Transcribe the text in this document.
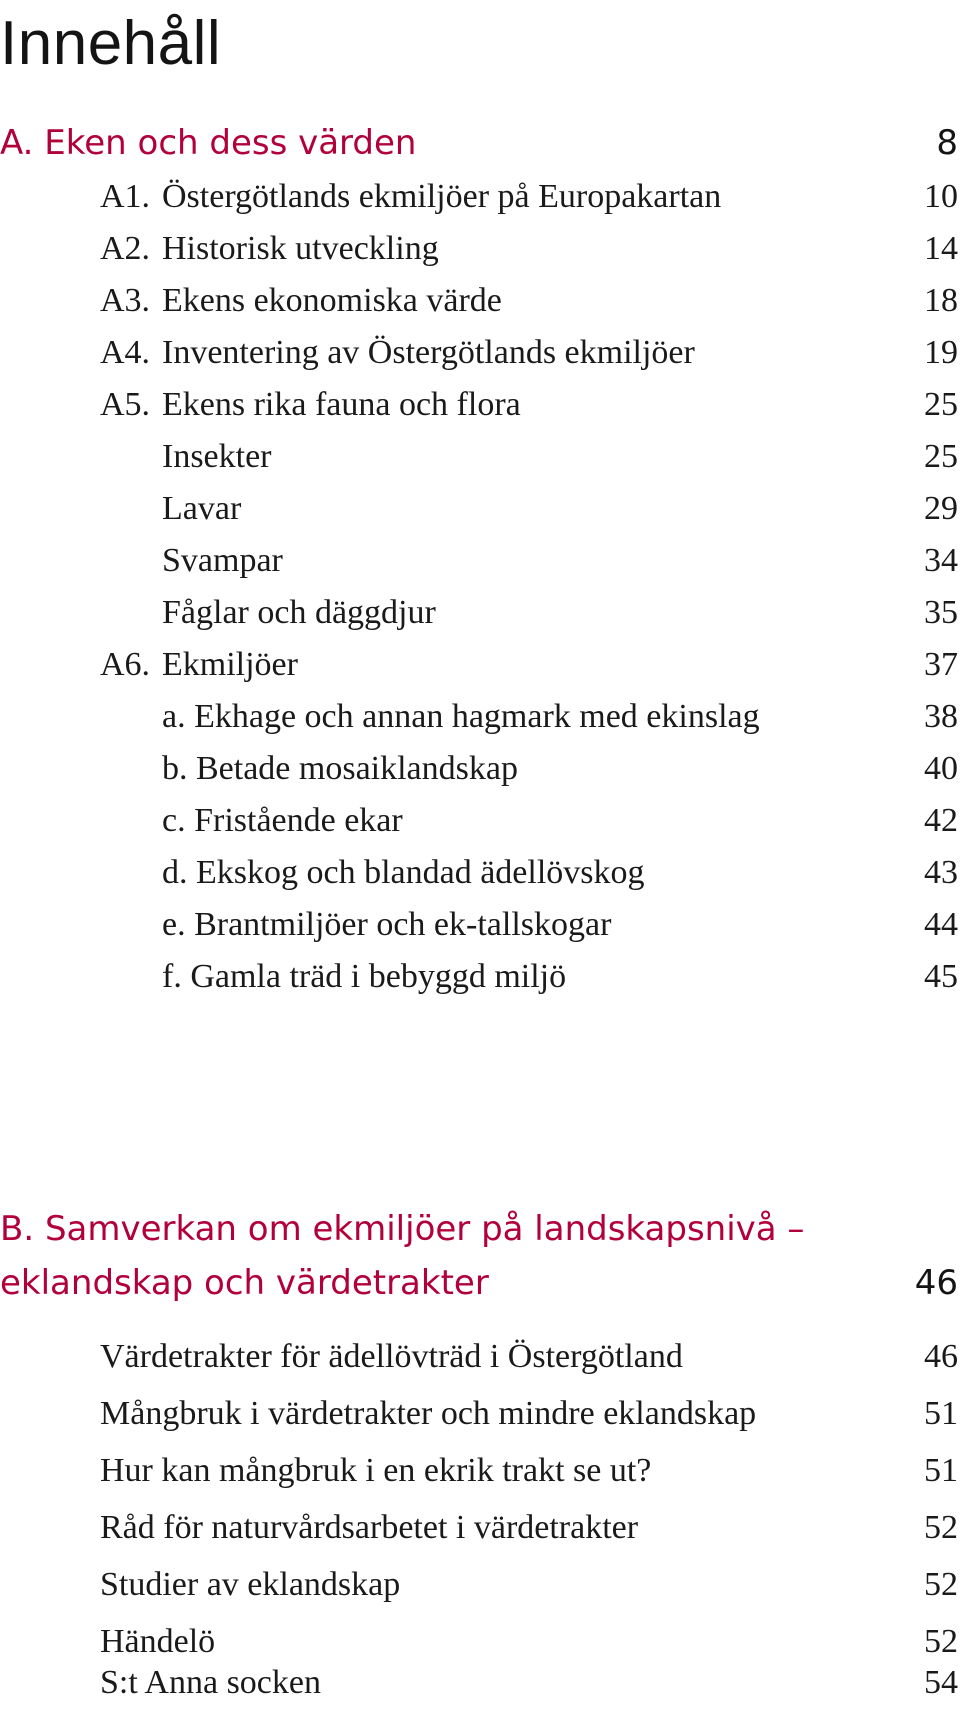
Innehåll
A. Eken och dess värden	8
A1. Östergötlands ekmiljöer på Europakartan	10
A2. Historisk utveckling	14
A3. Ekens ekonomiska värde	18
A4. Inventering av Östergötlands ekmiljöer	19
A5. Ekens rika fauna och flora	25
Insekter	25
Lavar	29
Svampar	34
Fåglar och däggdjur	35
A6. Ekmiljöer	37
a. Ekhage och annan hagmark med ekinslag	38
b. Betade mosaiklandskap	40
c. Fristående ekar	42
d. Ekskog och blandad ädellövskog	43
e. Brantmiljöer och ek-tallskogar	44
f. Gamla träd i bebyggd miljö	45
B. Samverkan om ekmiljöer på landskapsnivå –
eklandskap och värdetrakter	46
Värdetrakter för ädellövträd i Östergötland	46
Mångbruk i värdetrakter och mindre eklandskap	51
Hur kan mångbruk i en ekrik trakt se ut?	51
Råd för naturvårdsarbetet i värdetrakter	52
Studier av eklandskap	52
Händelö	52
S:t Anna socken	54
